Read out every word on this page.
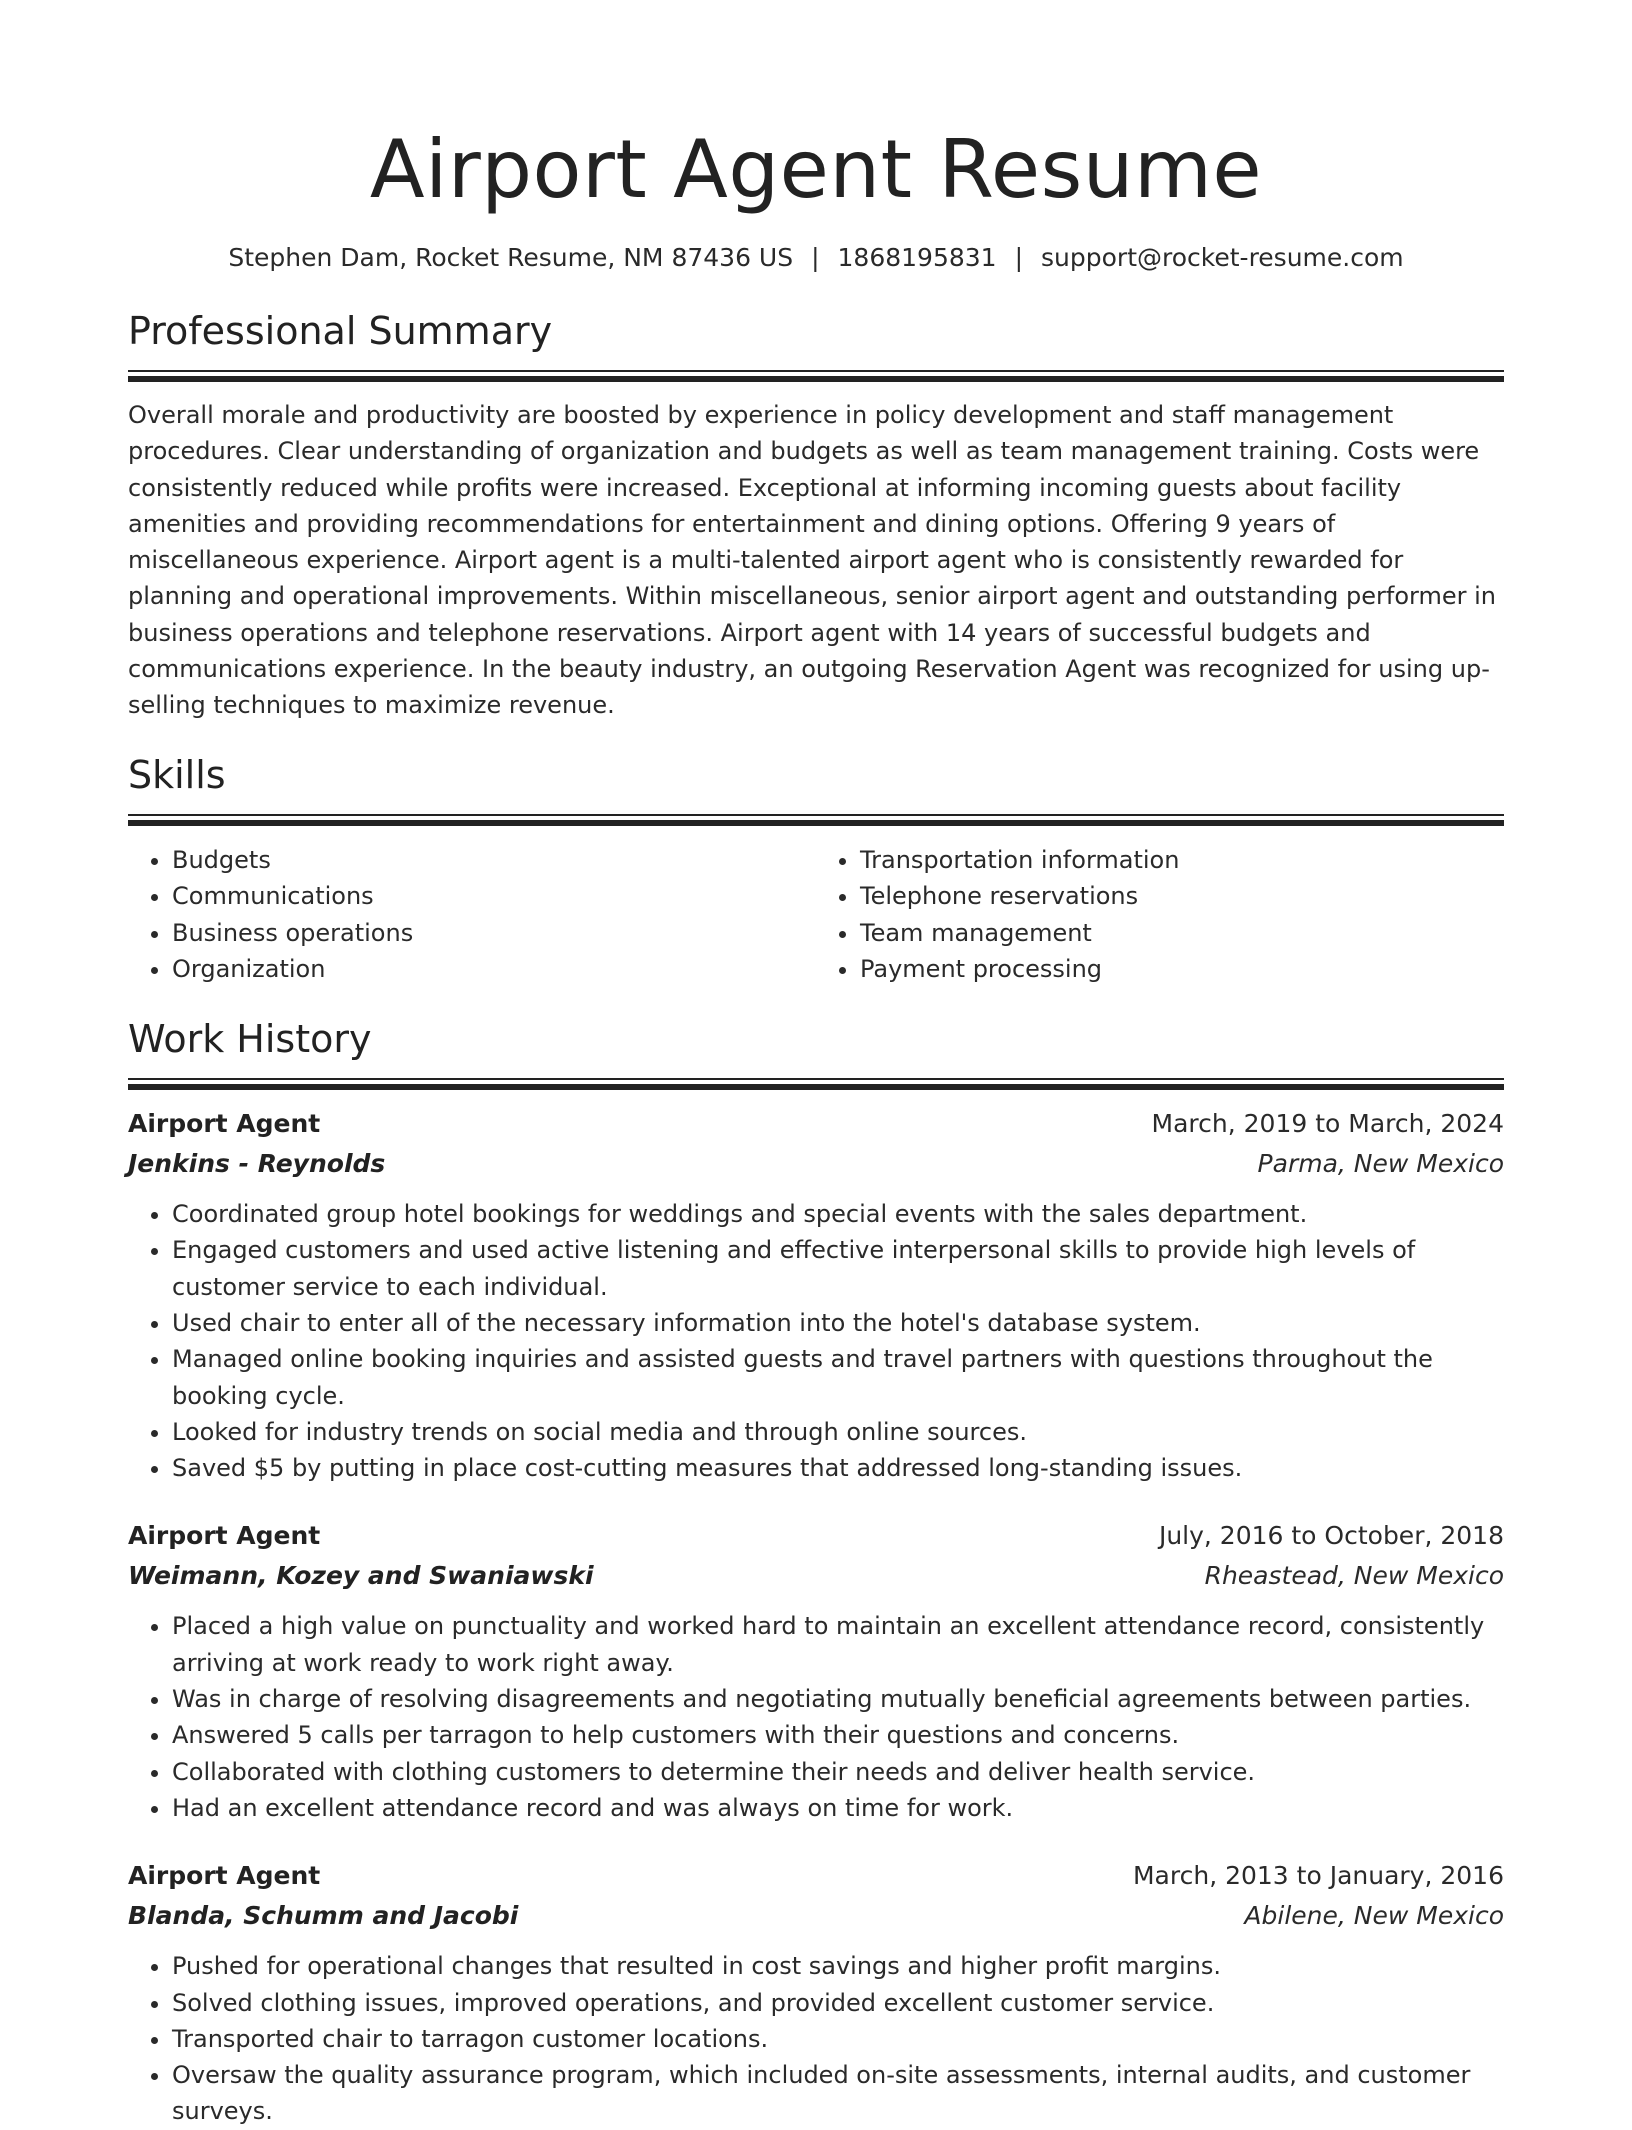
Airport Agent Resume
Stephen Dam, Rocket Resume, NM 87436 US | 1868195831 | support@rocket-resume.com
Professional Summary

Overall morale and productivity are boosted by experience in policy development and staff management procedures. Clear understanding of organization and budgets as well as team management training. Costs were consistently reduced while profits were increased. Exceptional at informing incoming guests about facility amenities and providing recommendations for entertainment and dining options. Offering 9 years of miscellaneous experience. Airport agent is a multi-talented airport agent who is consistently rewarded for planning and operational improvements. Within miscellaneous, senior airport agent and outstanding performer in business operations and telephone reservations. Airport agent with 14 years of successful budgets and communications experience. In the beauty industry, an outgoing Reservation Agent was recognized for using up-selling techniques to maximize revenue.

Skills
• Budgets
• Communications
• Business operations
• Organization
• Transportation information
• Telephone reservations
• Team management
• Payment processing
Work History
Airport Agent	March, 2019 to March, 2024
Jenkins - Reynolds	Parma, New Mexico
• Coordinated group hotel bookings for weddings and special events with the sales department.
• Engaged customers and used active listening and effective interpersonal skills to provide high levels of customer service to each individual.
• Used chair to enter all of the necessary information into the hotel's database system.
• Managed online booking inquiries and assisted guests and travel partners with questions throughout the booking cycle.
• Looked for industry trends on social media and through online sources.
• Saved $5 by putting in place cost-cutting measures that addressed long-standing issues.
Airport Agent	July, 2016 to October, 2018
Weimann, Kozey and Swaniawski	Rheastead, New Mexico
• Placed a high value on punctuality and worked hard to maintain an excellent attendance record, consistently arriving at work ready to work right away.
• Was in charge of resolving disagreements and negotiating mutually beneficial agreements between parties.
• Answered 5 calls per tarragon to help customers with their questions and concerns.
• Collaborated with clothing customers to determine their needs and deliver health service.
• Had an excellent attendance record and was always on time for work.
Airport Agent	March, 2013 to January, 2016
Blanda, Schumm and Jacobi	Abilene, New Mexico
• Pushed for operational changes that resulted in cost savings and higher profit margins.
• Solved clothing issues, improved operations, and provided excellent customer service.
• Transported chair to tarragon customer locations.
• Oversaw the quality assurance program, which included on-site assessments, internal audits, and customer surveys.
